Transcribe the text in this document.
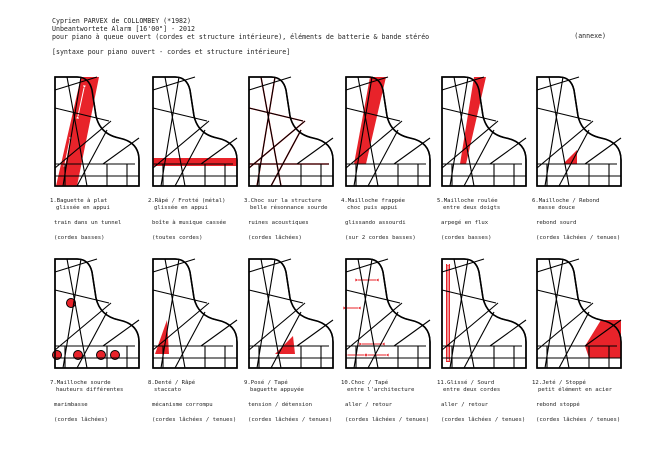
Cyprien PARVEX de COLLOMBEY (*1982)
Unbeantwortete Alarm [16'00"] - 2012
pour piano à queue ouvert (cordes et structure intérieure), éléments de batterie & bande stéréo	(annexe)
[syntaxe pour piano ouvert - cordes et structure intérieure]
1.Baguette à plat
glissée en appui
train dans un tunnel
(cordes basses)
2.Râpé / Frotté (métal)
glissée en appui
boîte à musique cassée
(toutes cordes)
3.Choc sur la structure
belle résonnance sourde
ruines acoustiques
(cordes lâchées)
4.Mailloche frappée
choc puis appui
glissando assourdi
(sur 2 cordes basses)
5.Mailloche roulée
entre deux doigts
arpegé en flux
(cordes basses)
6.Mailloche / Rebond
masse douce
rebond sourd
(cordes lâchées / tenues)
7.Mailloche sourde
hauteurs différentes
marimbasse
(cordes lâchées)
8.Denté / Râpé
staccato
mécanisme corrompu
(cordes lâchées / tenues)
9.Posé / Tapé
baguette appuyée
tension / détension
(cordes lâchées / tenues)
10.Choc / Tapé
entre l'architecture
aller / retour
(cordes lâchées / tenues)
11.Glissé / Sourd
entre deux cordes
aller / retour
(cordes lâchées / tenues)
12.Jeté / Stoppé
petit élément en acier
rebond stoppé
(cordes lâchées / tenues)
